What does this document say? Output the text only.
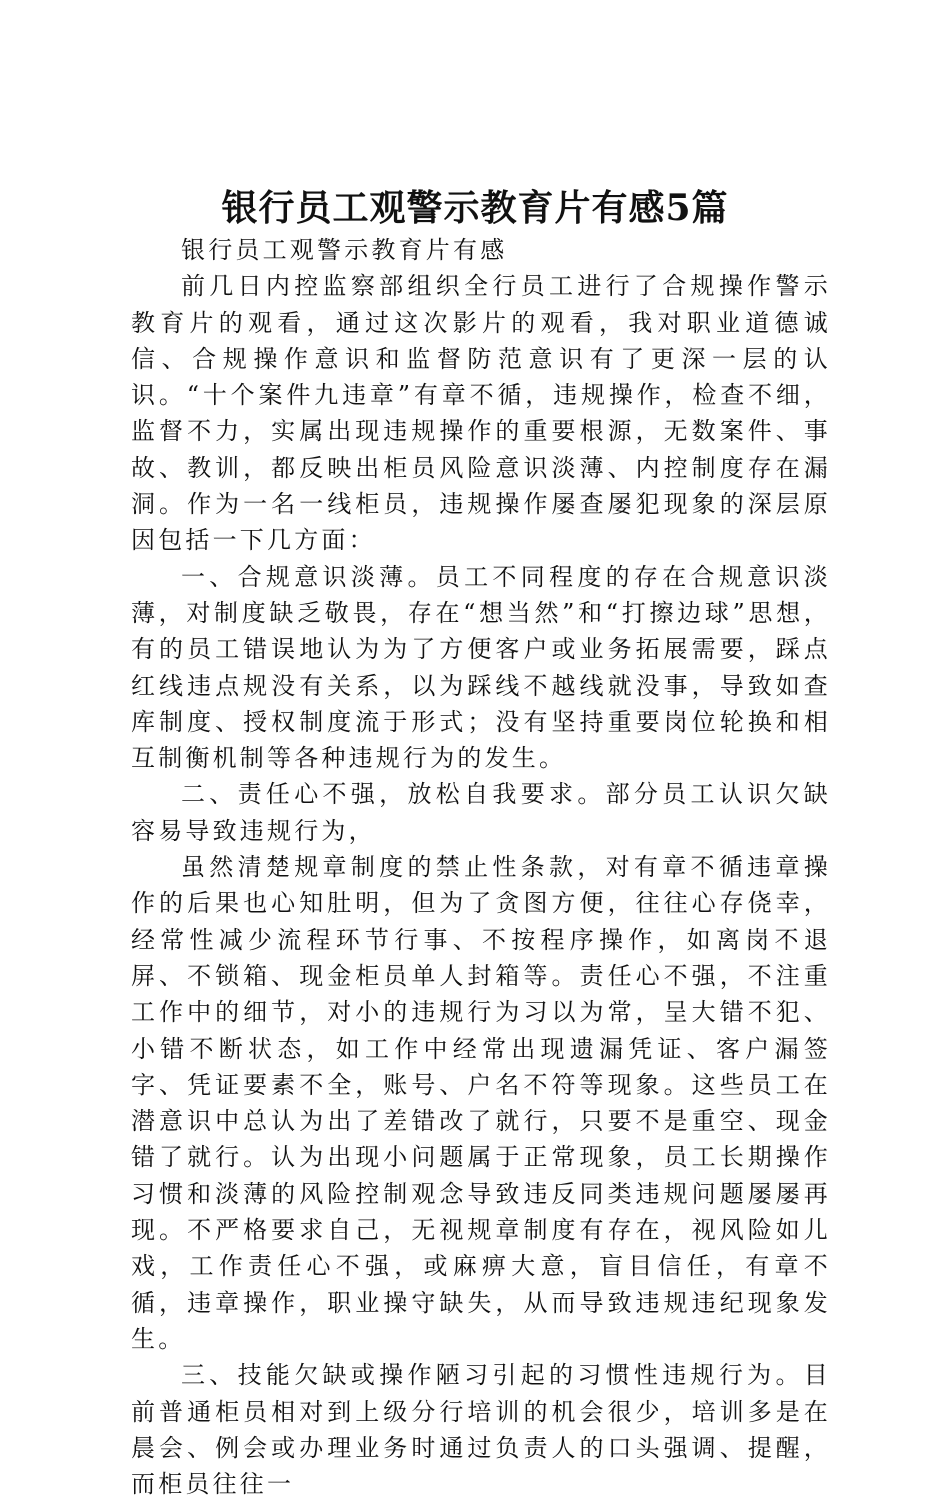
银行员工观警示教育片有感5篇

银行员工观警示教育片有感

前几日内控监察部组织全行员工进行了合规操作警示教育片的观看，通过这次影片的观看，我对职业道德诚信、合规操作意识和监督防范意识有了更深一层的认识。“十个案件九违章”有章不循，违规操作，检查不细，监督不力，实属出现违规操作的重要根源，无数案件、事故、教训，都反映出柜员风险意识淡薄、内控制度存在漏洞。作为一名一线柜员，违规操作屡查屡犯现象的深层原因包括一下几方面：

一、合规意识淡薄。员工不同程度的存在合规意识淡薄，对制度缺乏敬畏，存在“想当然”和“打擦边球”思想，有的员工错误地认为为了方便客户或业务拓展需要，踩点红线违点规没有关系，以为踩线不越线就没事，导致如查库制度、授权制度流于形式；没有坚持重要岗位轮换和相互制衡机制等各种违规行为的发生。

二、责任心不强，放松自我要求。部分员工认识欠缺容易导致违规行为，

虽然清楚规章制度的禁止性条款，对有章不循违章操作的后果也心知肚明，但为了贪图方便，往往心存侥幸，经常性减少流程环节行事、不按程序操作，如离岗不退屏、不锁箱、现金柜员单人封箱等。责任心不强，不注重工作中的细节，对小的违规行为习以为常，呈大错不犯、小错不断状态，如工作中经常出现遗漏凭证、客户漏签字、凭证要素不全，账号、户名不符等现象。这些员工在潜意识中总认为出了差错改了就行，只要不是重空、现金错了就行。认为出现小问题属于正常现象，员工长期操作习惯和淡薄的风险控制观念导致违反同类违规问题屡屡再现。不严格要求自己，无视规章制度有存在，视风险如儿戏，工作责任心不强，或麻痹大意，盲目信任，有章不循，违章操作，职业操守缺失，从而导致违规违纪现象发生。

三、技能欠缺或操作陋习引起的习惯性违规行为。目前普通柜员相对到上级分行培训的机会很少，培训多是在晨会、例会或办理业务时通过负责人的口头强调、提醒，而柜员往往一
